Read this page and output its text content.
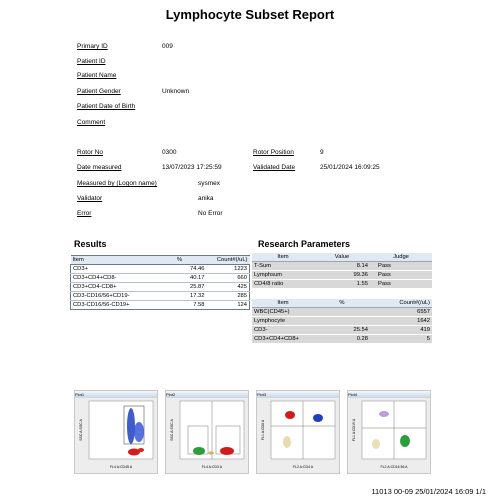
Lymphocyte Subset Report
Primary ID	009
Patient ID
Patient Name
Patient Gender	Unknown
Patient Date of Birth
Comment
Rotor No	0300	Rotor Position	9
Date measured	13/07/2023 17:25:59	Validated Date	25/01/2024 16:09:25
Measured by (Logon name)	sysmex
Validator	anika
Error	No Error
Results
Item	%	Count#(/uL)
CD3+	74.46	1223
CD3+CD4+CD8-	40.17	660
CD3+CD4-CD8+	25.87	425
CD3-CD16/56+CD19-	17.32	285
CD3-CD16/56-CD19+	7.58	124
Research Parameters
Item	Value	Judge
T-Sum	8.14	Pass
Lymphsum	99.36	Pass
CD4/8 ratio	1.55	Pass
Item	%	Count#(/uL)
WBC(CD45+)		6557
Lymphocyte		1642
CD3-	25.54	419
CD3+CD4+CD8+	0.28	5
Plot1
FL4 A:CD45 A
SSC A:SSC A
Plot2
FL4 A:CD3 A
SSC A:SSC A
Plot3
FL2 A:CD4 A
FL1 A:CD8 A
Plot4
FL2 A:CD16 56 A
FL1 A:CD19 A
11013 00-09 25/01/2024 16:09 1/1
